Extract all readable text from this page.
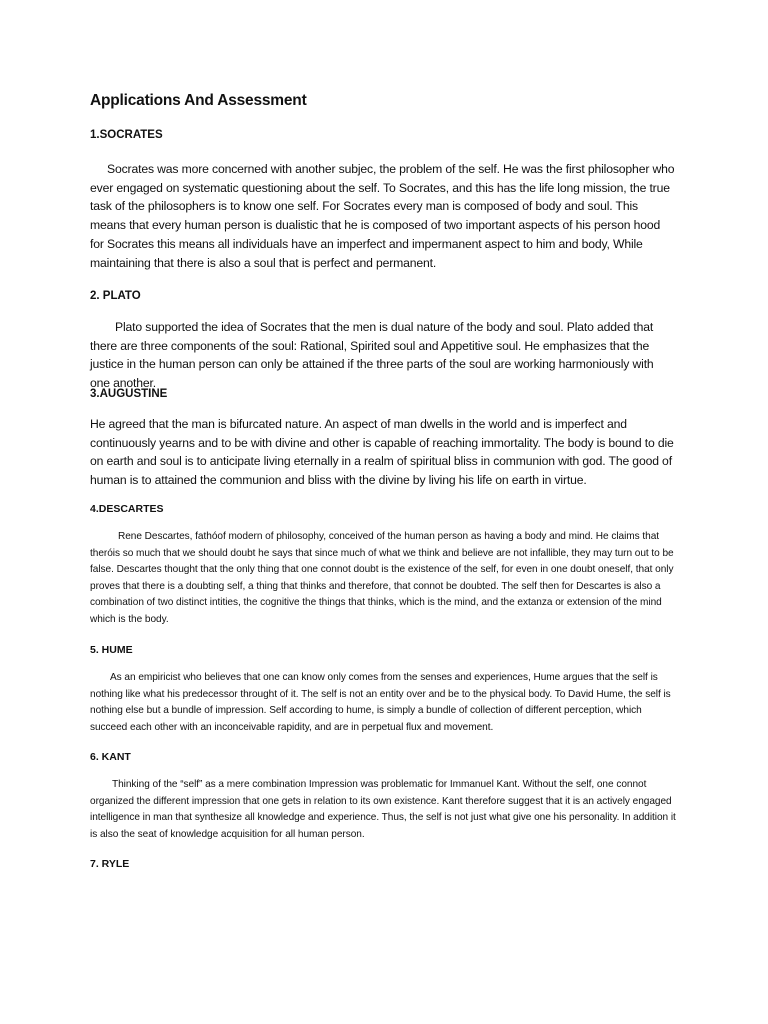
Applications And Assessment
1.SOCRATES

Socrates was more concerned with another subjec, the problem of the self. He was the first philosopher who ever engaged on systematic questioning about the self. To Socrates, and this has the life long mission, the true task of the philosophers is to know one self. For Socrates every man is composed of body and soul. This means that every human person is dualistic that he is composed of two important aspects of his person hood for Socrates this means all individuals have an imperfect and impermanent aspect to him and body, While maintaining that there is also a soul that is perfect and permanent.

2. PLATO

Plato supported the idea of Socrates that the men is dual nature of the body and soul. Plato added that there are three components of the soul: Rational, Spirited soul and Appetitive soul. He emphasizes that the justice in the human person can only be attained if the three parts of the soul are working harmoniously with one another.

3.AUGUSTINE

He agreed that the man is bifurcated nature. An aspect of man dwells in the world and is imperfect and continuously yearns and to be with divine and other is capable of reaching immortality. The body is bound to die on earth and soul is to anticipate living eternally in a realm of spiritual bliss in communion with god. The good of human is to attained the communion and bliss with the divine by living his life on earth in virtue.

4.DESCARTES

Rene Descartes, fathóof modern of philosophy, conceived of the human person as having a body and mind. He claims that theróis so much that we should doubt he says that since much of what we think and believe are not infallible, they may turn out to be false. Descartes thought that the only thing that one connot doubt is the existence of the self, for even in one doubt oneself, that only proves that there is a doubting self, a thing that thinks and therefore, that connot be doubted. The self then for Descartes is also a combination of two distinct intities, the cognitive the things that thinks, which is the mind, and the extanza or extension of the mind which is the body.

5. HUME

As an empiricist who believes that one can know only comes from the senses and experiences, Hume argues that the self is nothing like what his predecessor throught of it. The self is not an entity over and be to the physical body. To David Hume, the self is nothing else but a bundle of impression. Self according to hume, is simply a bundle of collection of different perception, which succeed each other with an inconceivable rapidity, and are in perpetual flux and movement.

6. KANT

Thinking of the “self” as a mere combination Impression was problematic for Immanuel Kant. Without the self, one connot organized the different impression that one gets in relation to its own existence. Kant therefore suggest that it is an actively engaged intelligence in man that synthesize all knowledge and experience. Thus, the self is not just what give one his personality. In addition it is also the seat of knowledge acquisition for all human person.

7. RYLE
